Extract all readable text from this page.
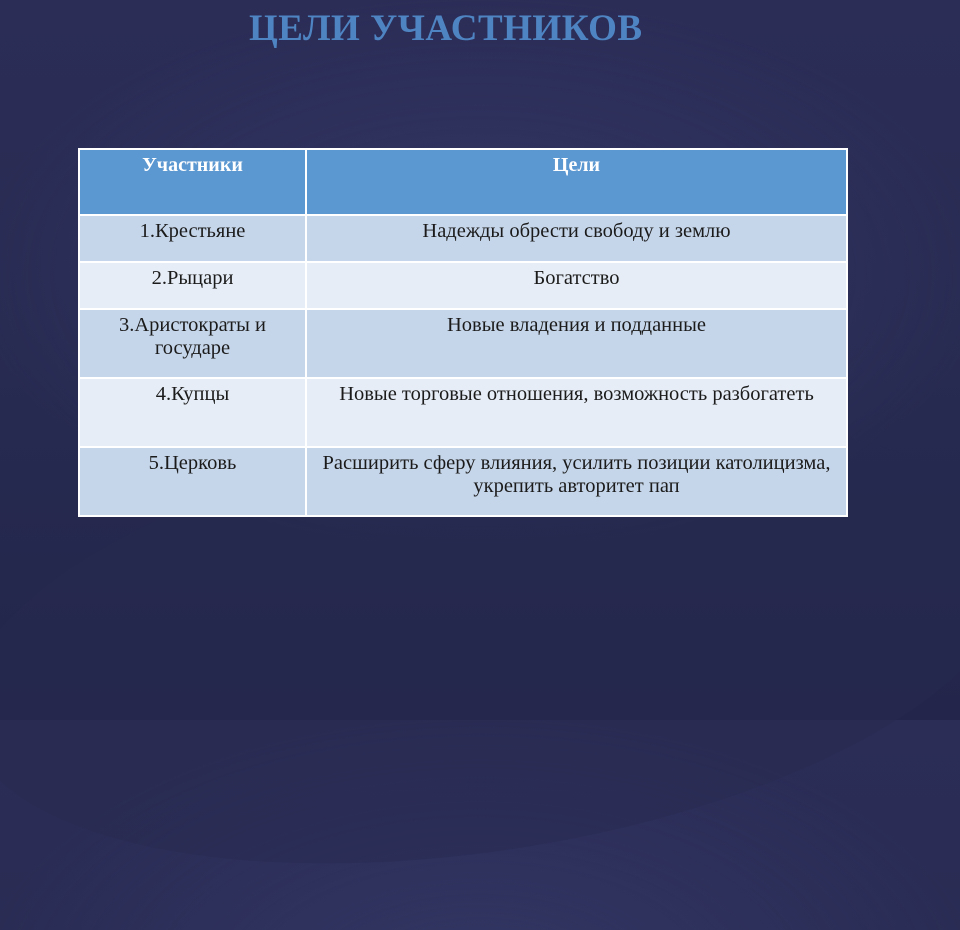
ЦЕЛИ УЧАСТНИКОВ
Участники	Цели
1.Крестьяне	Надежды обрести свободу и землю
2.Рыцари	Богатство
3.Аристократы и государе	Новые владения и подданные
4.Купцы	Новые торговые отношения, возможность разбогатеть
5.Церковь	Расширить сферу влияния, усилить позиции католицизма, укрепить авторитет пап
